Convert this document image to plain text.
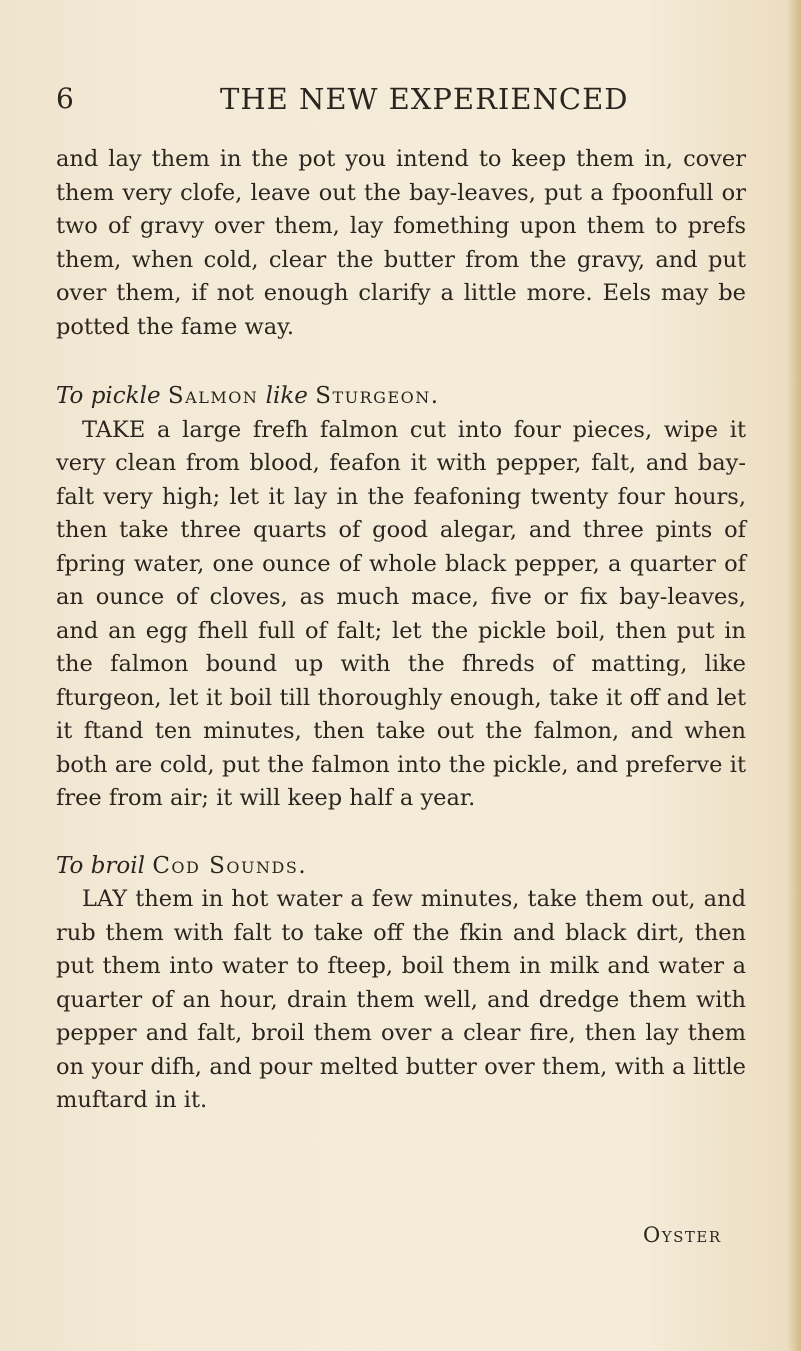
6	THE NEW EXPERIENCED

and lay them in the pot you intend to keep them in, cover them very clofe, leave out the bay-leaves, put a fpoonfull or two of gravy over them, lay fomething upon them to prefs them, when cold, clear the butter from the gravy, and put over them, if not enough clarify a little more. Eels may be potted the fame way.

To pickle Salmon like Sturgeon.

TAKE a large frefh falmon cut into four pieces, wipe it very clean from blood, feafon it with pepper, falt, and bay-falt very high; let it lay in the feafoning twenty four hours, then take three quarts of good alegar, and three pints of fpring water, one ounce of whole black pepper, a quarter of an ounce of cloves, as much mace, five or fix bay-leaves, and an egg fhell full of falt; let the pickle boil, then put in the falmon bound up with the fhreds of matting, like fturgeon, let it boil till thoroughly enough, take it off and let it ftand ten minutes, then take out the falmon, and when both are cold, put the falmon into the pickle, and preferve it free from air; it will keep half a year.

To broil Cod Sounds.

LAY them in hot water a few minutes, take them out, and rub them with falt to take off the fkin and black dirt, then put them into water to fteep, boil them in milk and water a quarter of an hour, drain them well, and dredge them with pepper and falt, broil them over a clear fire, then lay them on your difh, and pour melted butter over them, with a little muftard in it.

Oyster
